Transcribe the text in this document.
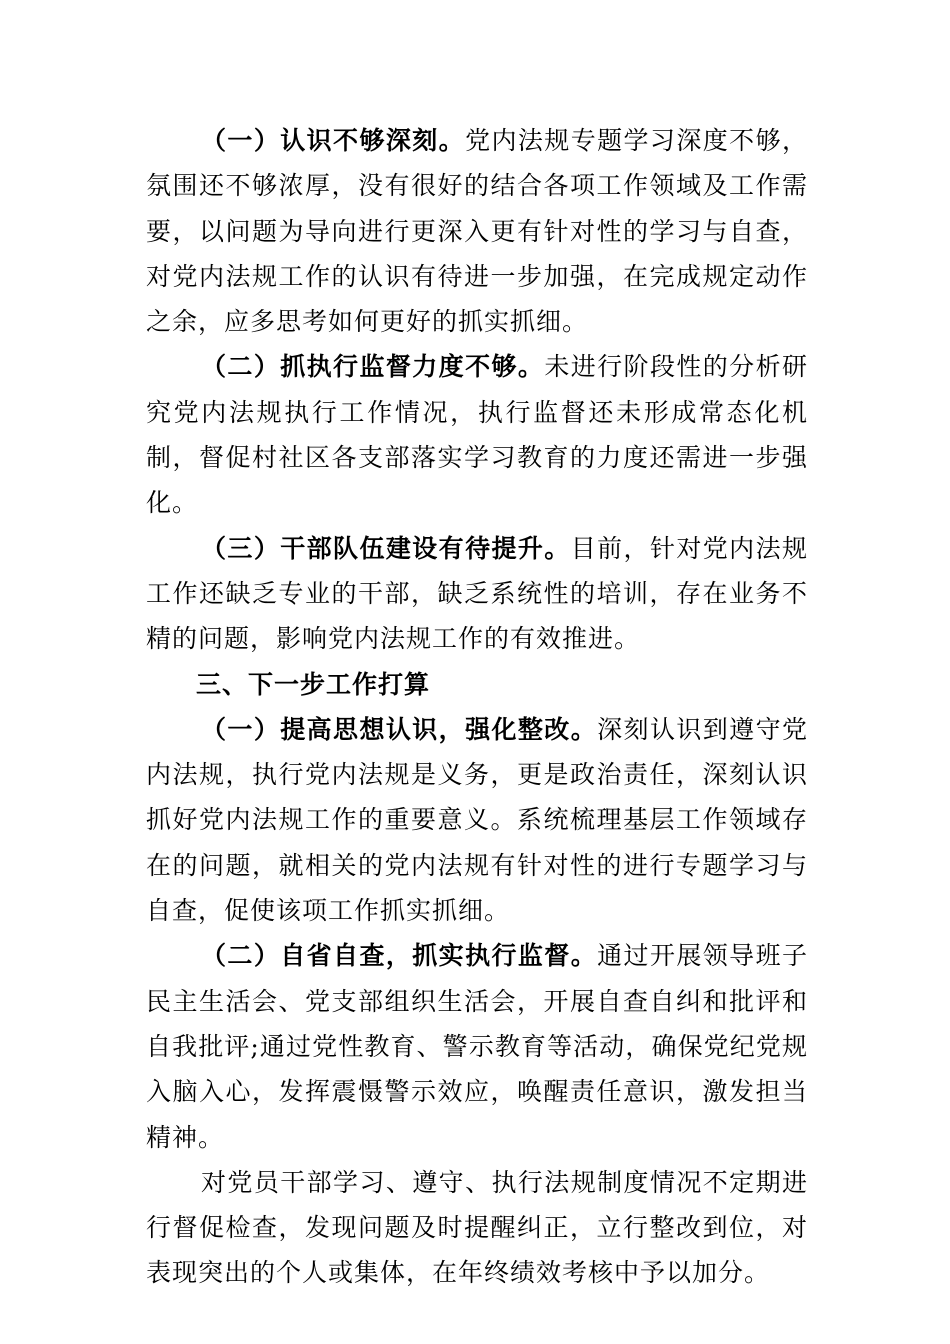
（一）认识不够深刻。党内法规专题学习深度不够，氛围还不够浓厚，没有很好的结合各项工作领域及工作需要，以问题为导向进行更深入更有针对性的学习与自查，对党内法规工作的认识有待进一步加强，在完成规定动作之余，应多思考如何更好的抓实抓细。

（二）抓执行监督力度不够。未进行阶段性的分析研究党内法规执行工作情况，执行监督还未形成常态化机制，督促村社区各支部落实学习教育的力度还需进一步强化。

（三）干部队伍建设有待提升。目前，针对党内法规工作还缺乏专业的干部，缺乏系统性的培训，存在业务不精的问题，影响党内法规工作的有效推进。

三、下一步工作打算

（一）提高思想认识，强化整改。深刻认识到遵守党内法规，执行党内法规是义务，更是政治责任，深刻认识抓好党内法规工作的重要意义。系统梳理基层工作领域存在的问题，就相关的党内法规有针对性的进行专题学习与自查，促使该项工作抓实抓细。

（二）自省自查，抓实执行监督。通过开展领导班子民主生活会、党支部组织生活会，开展自查自纠和批评和自我批评;通过党性教育、警示教育等活动，确保党纪党规入脑入心，发挥震慑警示效应，唤醒责任意识，激发担当精神。

对党员干部学习、遵守、执行法规制度情况不定期进行督促检查，发现问题及时提醒纠正，立行整改到位，对表现突出的个人或集体，在年终绩效考核中予以加分。
